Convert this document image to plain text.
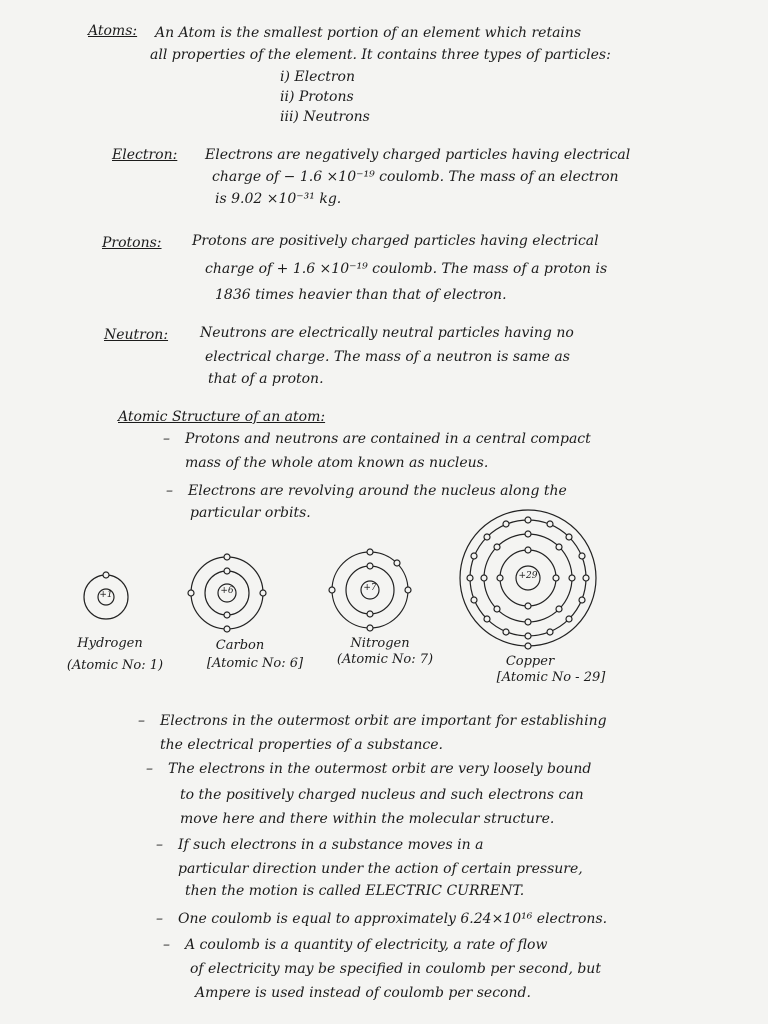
Atoms: An Atom is the smallest portion of an element which retains
all properties of the element. It contains three types of particles:
i) Electron
ii) Protons
iii) Neutrons
Electron: Electrons are negatively charged particles having electrical
charge of − 1.6 ×10⁻¹⁹ coulomb. The mass of an electron
is 9.02 ×10⁻³¹ kg.
Protons: Protons are positively charged particles having electrical
charge of + 1.6 ×10⁻¹⁹ coulomb. The mass of a proton is
1836 times heavier than that of electron.
Neutron: Neutrons are electrically neutral particles having no
electrical charge. The mass of a neutron is same as
that of a proton.
Atomic Structure of an atom:
– Protons and neutrons are contained in a central compact
mass of the whole atom known as nucleus.
– Electrons are revolving around the nucleus along the
particular orbits.
+1	+6	+7
+29
Hydrogen
(Atomic No: 1)
Carbon
[Atomic No: 6]
Nitrogen
(Atomic No: 7)	Copper
[Atomic No - 29]
– Electrons in the outermost orbit are important for establishing
the electrical properties of a substance.
– The electrons in the outermost orbit are very loosely bound
to the positively charged nucleus and such electrons can
move here and there within the molecular structure.
– If such electrons in a substance moves in a
particular direction under the action of certain pressure,
then the motion is called ELECTRIC CURRENT.
– One coulomb is equal to approximately 6.24×10¹⁶ electrons.
– A coulomb is a quantity of electricity, a rate of flow
of electricity may be specified in coulomb per second, but
Ampere is used instead of coulomb per second.
